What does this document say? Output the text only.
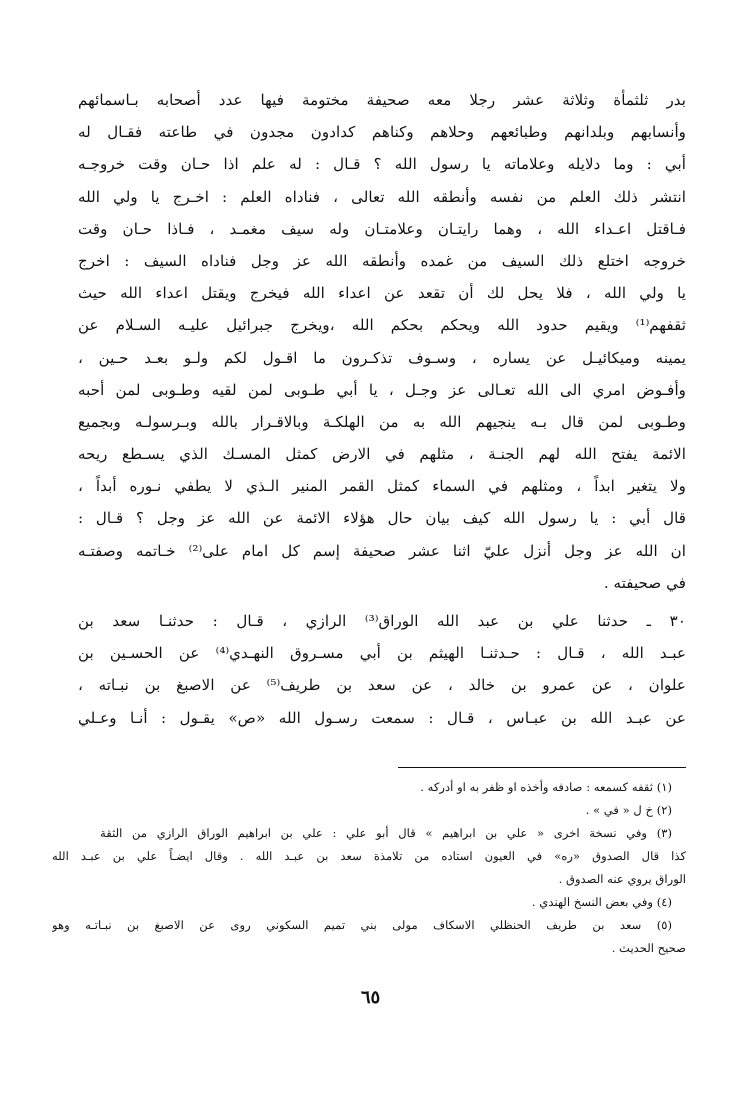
بدر ثلثمأة وثلاثة عشر رجلا معه صحيفة مختومة فيها عدد أصحابه بـاسمائهم
وأنسابهم وبلدانهم وطبائعهم وحلاهم وكناهم كدادون مجدون في طاعته فقـال له
أبي : وما دلايله وعلاماته يا رسول الله ؟ قـال : له علم اذا حـان وقت خروجـه
انتشر ذلك العلم من نفسه وأنطقه الله تعالى ، فناداه العلم : اخـرج يا ولي الله
فـاقتل اعـداء الله ، وهما رايتـان وعلامتـان وله سيف مغمـد ، فـاذا حـان وقت
خروجه اختلع ذلك السيف من غمده وأنطقه الله عز وجل فناداه السيف : اخرج
يا ولي الله ، فلا يحل لك أن تقعد عن اعداء الله فيخرج ويقتل اعداء الله حيث
ثقفهم⁽¹⁾ ويقيم حدود الله ويحكم بحكم الله ،ويخرج جبرائيل عليـه السـلام عن
يمينه وميكائيـل عن يساره ، وسـوف تذكـرون ما اقـول لكم ولـو بعـد حـين ،
وأفـوض امري الى الله تعـالى عز وجـل ، يا أبي طـوبى لمن لقيه وطـوبى لمن أحبه
وطـوبى لمن قال بـه ينجيهم الله به من الهلكـة وبالاقـرار بالله وبـرسولـه وبجميع
الائمة يفتح الله لهم الجنـة ، مثلهم في الارض كمثل المسـك الذي يسـطع ريحه
ولا يتغير ابداً ، ومثلهم في السماء كمثل القمر المنير الـذي لا يطفي نـوره أبداً ،
قال أبي : يا رسول الله كيف بيان حال هؤلاء الائمة عن الله عز وجل ؟ قـال :
ان الله عز وجل أنزل عليّ اثنا عشر صحيفة إسم كل امام على⁽²⁾ خـاتمه وصفتـه
في صحيفته .
٣٠ ـ حدثنا علي بن عبد الله الوراق⁽³⁾ الرازي ، قـال : حدثنـا سعد بن
عبـد الله ، قـال : حـدثنـا الهيثم بن أبي مسـروق النهـدي⁽⁴⁾ عن الحسـين بن
علوان ، عن عمرو بن خالد ، عن سعد بن طريف⁽⁵⁾ عن الاصبغ بن نبـاته ،
عن عبـد الله بن عبـاس ، قـال : سمعت رسـول الله «ص» يقـول : أنـا وعـلي
(١) ثقفه كسمعه : صادفه وأخذه او ظفر به او أدركه .
(٢) خ ل « في » .
(٣) وفي نسخة اخرى « علي بن ابراهيم » قال أبو علي : علي بن ابراهيم الوراق الرازي من الثقة
كذا قال الصدوق «ره» في العيون استاده من تلامذة سعد بن عبـد الله . وقال ايضـاً علي بن عبـد الله
الوراق يروي عنه الصدوق .
(٤) وفي بعض النسخ الهندي .
(٥) سعد بن طريف الحنظلي الاسكاف مولى بني تميم السكوني روى عن الاصبغ بن نبـاتـه وهو
صحيح الحديث .
٦٥
